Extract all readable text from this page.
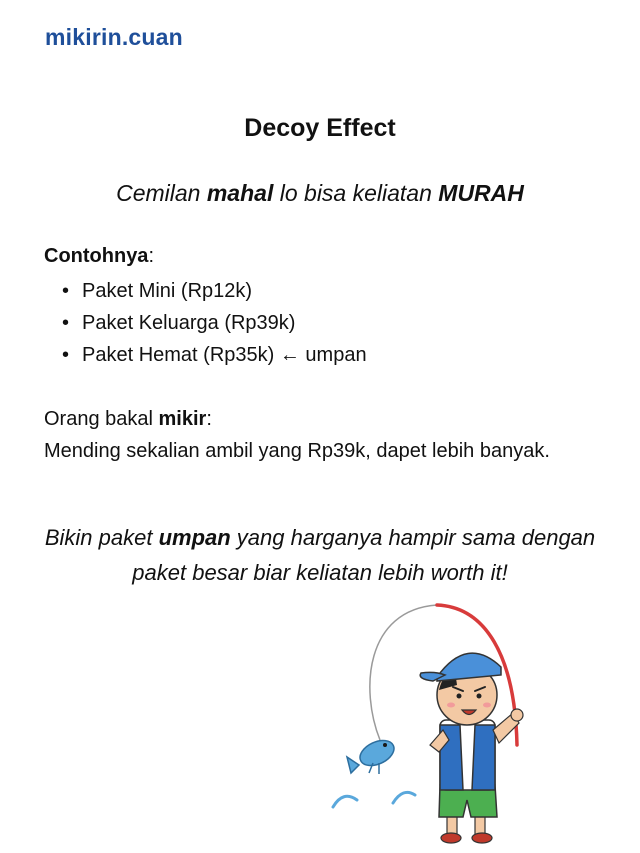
mikirin.cuan
Decoy Effect
Cemilan mahal lo bisa keliatan MURAH
Contohnya:
• Paket Mini (Rp12k)
• Paket Keluarga (Rp39k)
• Paket Hemat (Rp35k) ← umpan
Orang bakal mikir:
Mending sekalian ambil yang Rp39k, dapet lebih banyak.
Bikin paket umpan yang harganya hampir sama dengan
paket besar biar keliatan lebih worth it!
